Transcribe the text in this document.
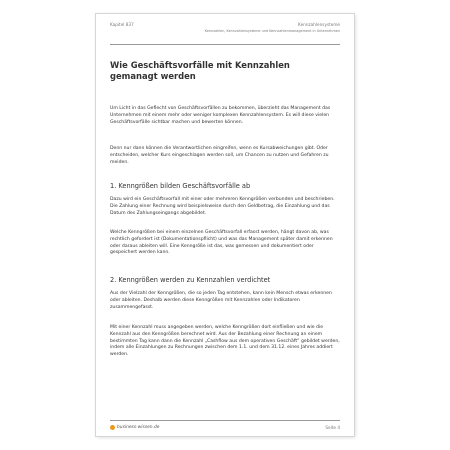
Kapitel 837	Kennzahlensysteme
Kennzahlen, Kennzahlensysteme und Kennzahlenmanagement in Unternehmen
Wie Geschäftsvorfälle mit Kennzahlen gemanagt werden
Um Licht in das Geflecht von Geschäftsvorfällen zu bekommen, überzieht das Management das Unternehmen mit einem mehr oder weniger komplexen Kennzahlensystem. Es will diese vielen Geschäftsvorfälle sichtbar machen und bewerten können.
Denn nur dann können die Verantwortlichen eingreifen, wenn es Kursabweichungen gibt. Oder entscheiden, welcher Kurs eingeschlagen werden soll, um Chancen zu nutzen und Gefahren zu meiden.
1. Kenngrößen bilden Geschäftsvorfälle ab
Dazu wird ein Geschäftsvorfall mit einer oder mehreren Kenngrößen verbunden und beschrieben. Die Zahlung einer Rechnung wird beispielsweise durch den Geldbetrag, die Einzahlung und das Datum des Zahlungseingangs abgebildet.
Welche Kenngrößen bei einem einzelnen Geschäftsvorfall erfasst werden, hängt davon ab, was rechtlich gefordert ist (Dokumentationspflicht) und was das Management später damit erkennen oder daraus ableiten will. Eine Kenngröße ist das, was gemessen und dokumentiert oder gespeichert werden kann.
2. Kenngrößen werden zu Kennzahlen verdichtet
Aus der Vielzahl der Kenngrößen, die so jeden Tag entstehen, kann kein Mensch etwas erkennen oder ableiten. Deshalb werden diese Kenngrößen mit Kennzahlen oder Indikatoren zusammengefasst.
Mit einer Kennzahl muss angegeben werden, welche Kenngrößen dort einfließen und wie die Kennzahl aus den Kenngrößen berechnet wird. Aus der Bezahlung einer Rechnung an einem bestimmten Tag kann dann die Kennzahl „Cashflow aus dem operativen Geschäft“ gebildet werden, indem alle Einzahlungen zu Rechnungen zwischen dem 1.1. und dem 31.12. eines Jahres addiert werden.
business-wissen.de	Seite 4
